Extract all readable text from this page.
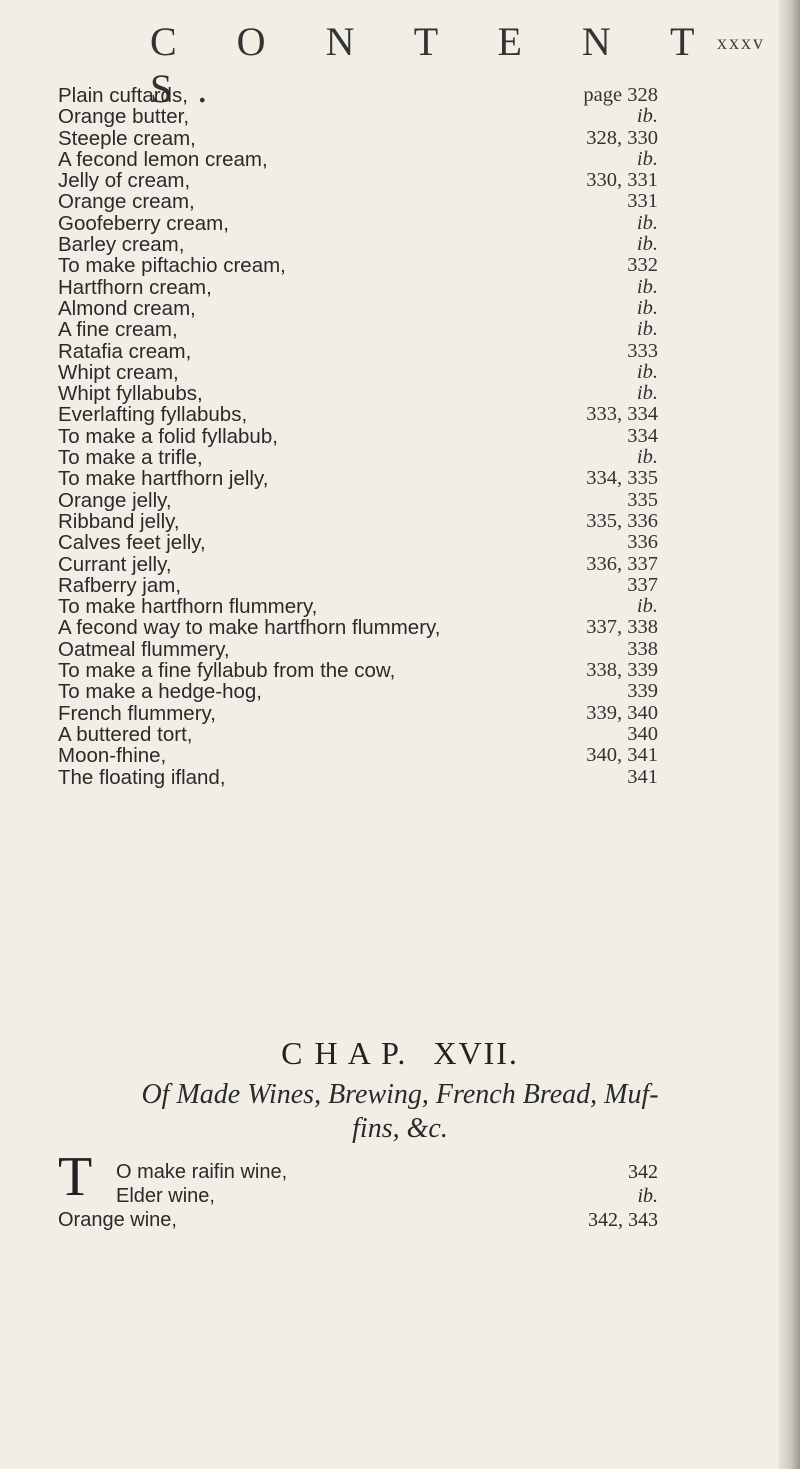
C O N T E N T S.
xxxv
Plain cuftards,	page 328
Orange butter,	ib.
Steeple cream,	328, 330
A fecond lemon cream,	ib.
Jelly of cream,	330, 331
Orange cream,	331
Goofeberry cream,	ib.
Barley cream,	ib.
To make piftachio cream,	332
Hartfhorn cream,	ib.
Almond cream,	ib.
A fine cream,	ib.
Ratafia cream,	333
Whipt cream,	ib.
Whipt fyllabubs,	ib.
Everlafting fyllabubs,	333, 334
To make a folid fyllabub,	334
To make a trifle,	ib.
To make hartfhorn jelly,	334, 335
Orange jelly,	335
Ribband jelly,	335, 336
Calves feet jelly,	336
Currant jelly,	336, 337
Rafberry jam,	337
To make hartfhorn flummery,	ib.
A fecond way to make hartfhorn flummery,	337, 338
Oatmeal flummery,	338
To make a fine fyllabub from the cow,	338, 339
To make a hedge-hog,	339
French flummery,	339, 340
A buttered tort,	340
Moon-fhine,	340, 341
The floating ifland,	341
C H A P. XVII.
Of Made Wines, Brewing, French Bread, Muf-
fins, &c.
T	O make raifin wine,	342
Elder wine,	ib.
Orange wine,	342, 343
